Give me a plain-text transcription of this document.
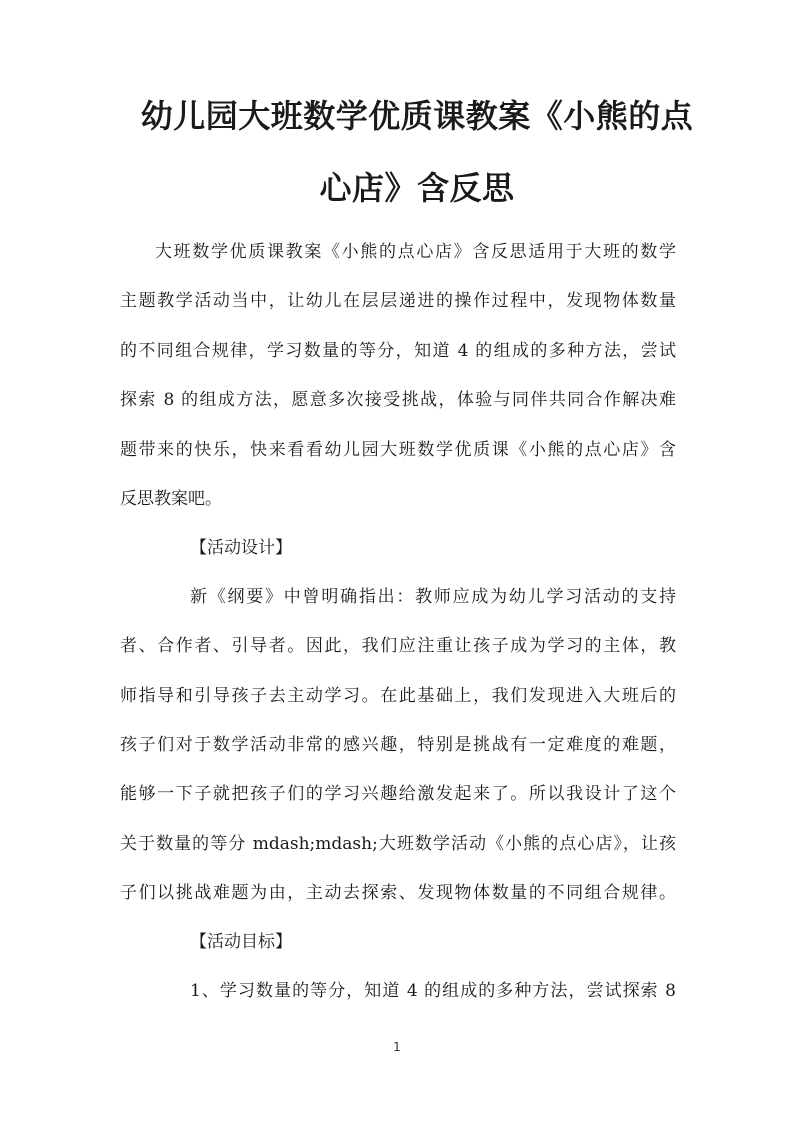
幼儿园大班数学优质课教案《小熊的点
心店》含反思
大班数学优质课教案《小熊的点心店》含反思适用于大班的数学
主题教学活动当中，让幼儿在层层递进的操作过程中，发现物体数量
的不同组合规律，学习数量的等分，知道 4 的组成的多种方法，尝试
探索 8 的组成方法，愿意多次接受挑战，体验与同伴共同合作解决难
题带来的快乐，快来看看幼儿园大班数学优质课《小熊的点心店》含
反思教案吧。
【活动设计】
新《纲要》中曾明确指出：教师应成为幼儿学习活动的支持
者、合作者、引导者。因此，我们应注重让孩子成为学习的主体，教
师指导和引导孩子去主动学习。在此基础上，我们发现进入大班后的
孩子们对于数学活动非常的感兴趣，特别是挑战有一定难度的难题，
能够一下子就把孩子们的学习兴趣给激发起来了。所以我设计了这个
关于数量的等分 mdash;mdash;大班数学活动《小熊的点心店》，让孩
子们以挑战难题为由，主动去探索、发现物体数量的不同组合规律。
【活动目标】
1、学习数量的等分，知道 4 的组成的多种方法，尝试探索 8
1
